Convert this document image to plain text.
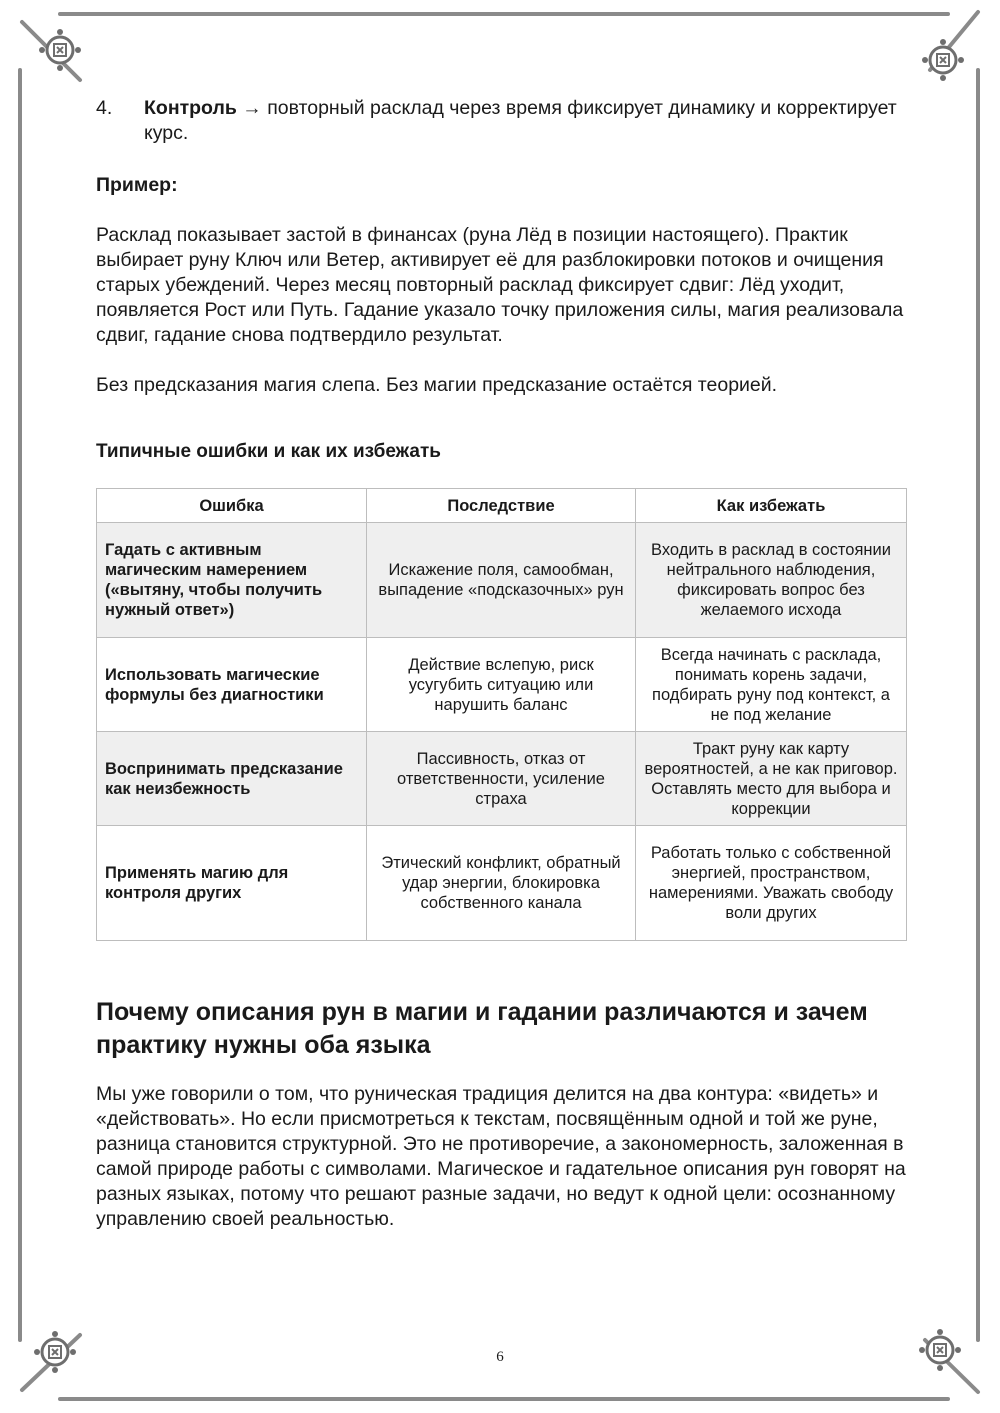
4.	Контроль → повторный расклад через время фиксирует динамику и корректирует курс.

Пример:

Расклад показывает застой в финансах (руна Лёд в позиции настоящего). Практик выбирает руну Ключ или Ветер, активирует её для разблокировки потоков и очищения старых убеждений. Через месяц повторный расклад фиксирует сдвиг: Лёд уходит, появляется Рост или Путь. Гадание указало точку приложения силы, магия реализовала сдвиг, гадание снова подтвердило результат.

Без предсказания магия слепа. Без магии предсказание остаётся теорией.

Типичные ошибки и как их избежать
Ошибка	Последствие	Как избежать
Гадать с активным магическим намерением («вытяну, чтобы получить нужный ответ»)	Искажение поля, самообман, выпадение «подсказочных» рун	Входить в расклад в состоянии нейтрального наблюдения, фиксировать вопрос без желаемого исхода
Использовать магические формулы без диагностики	Действие вслепую, риск усугубить ситуацию или нарушить баланс	Всегда начинать с расклада, понимать корень задачи, подбирать руну под контекст, а не под желание
Воспринимать предсказание как неизбежность	Пассивность, отказ от ответственности, усиление страха	Тракт руну как карту вероятностей, а не как приговор. Оставлять место для выбора и коррекции
Применять магию для контроля других	Этический конфликт, обратный удар энергии, блокировка собственного канала	Работать только с собственной энергией, пространством, намерениями. Уважать свободу воли других
Почему описания рун в магии и гадании различаются и зачем практику нужны оба языка

Мы уже говорили о том, что руническая традиция делится на два контура: «видеть» и «действовать». Но если присмотреться к текстам, посвящённым одной и той же руне, разница становится структурной. Это не противоречие, а закономерность, заложенная в самой природе работы с символами. Магическое и гадательное описания рун говорят на разных языках, потому что решают разные задачи, но ведут к одной цели: осознанному управлению своей реальностью.

6
